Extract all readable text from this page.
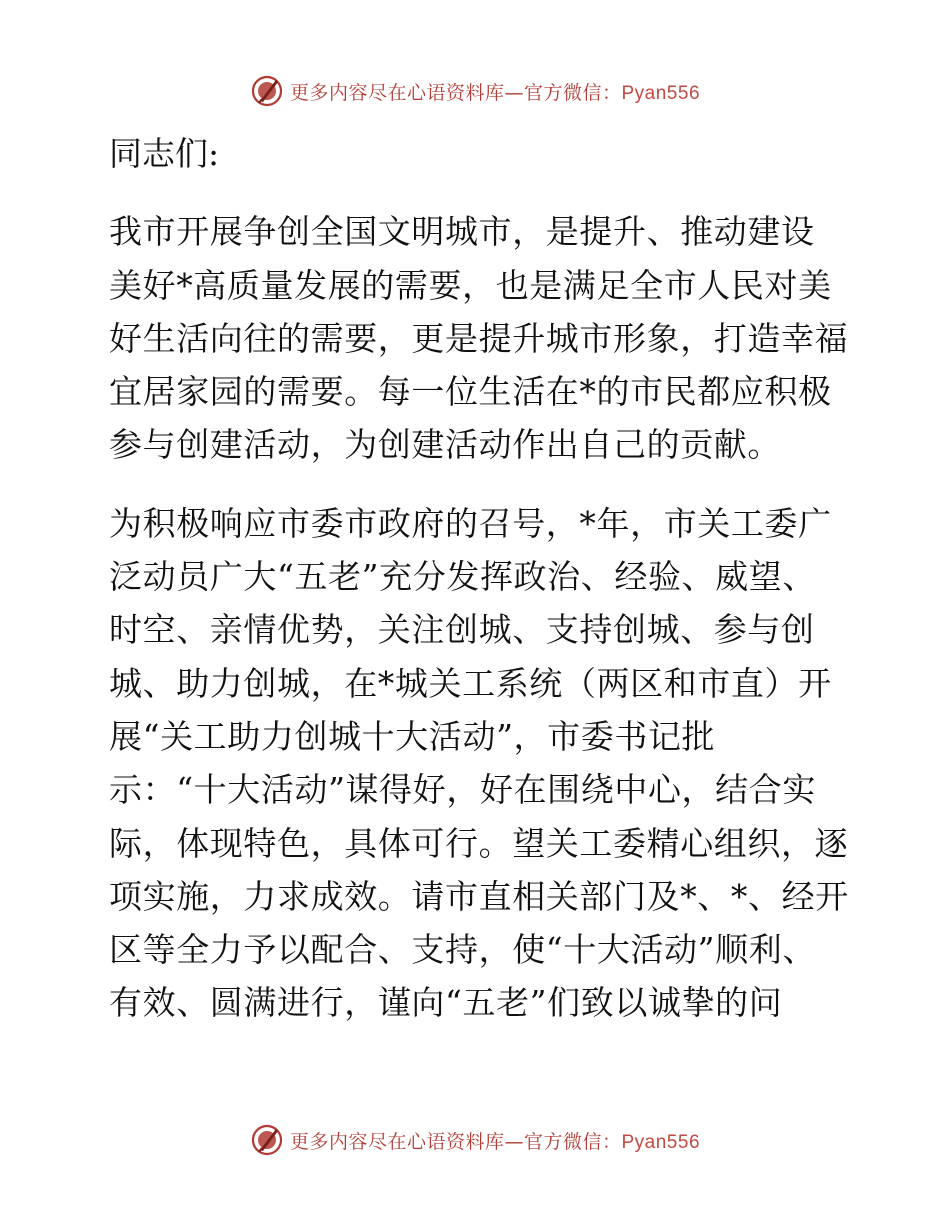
更多内容尽在心语资料库—官方微信：Pyan556

同志们:

我市开展争创全国文明城市，是提升、推动建设
美好*高质量发展的需要，也是满足全市人民对美
好生活向往的需要，更是提升城市形象，打造幸福
宜居家园的需要。每一位生活在*的市民都应积极
参与创建活动，为创建活动作出自己的贡献。

为积极响应市委市政府的召号，*年，市关工委广
泛动员广大“五老”充分发挥政治、经验、威望、
时空、亲情优势，关注创城、支持创城、参与创
城、助力创城，在*城关工系统（两区和市直）开
展“关工助力创城十大活动”，市委书记批
示：“十大活动”谋得好，好在围绕中心，结合实
际，体现特色，具体可行。望关工委精心组织，逐
项实施，力求成效。请市直相关部门及*、*、经开
区等全力予以配合、支持，使“十大活动”顺利、
有效、圆满进行，谨向“五老”们致以诚挚的问

更多内容尽在心语资料库—官方微信：Pyan556
